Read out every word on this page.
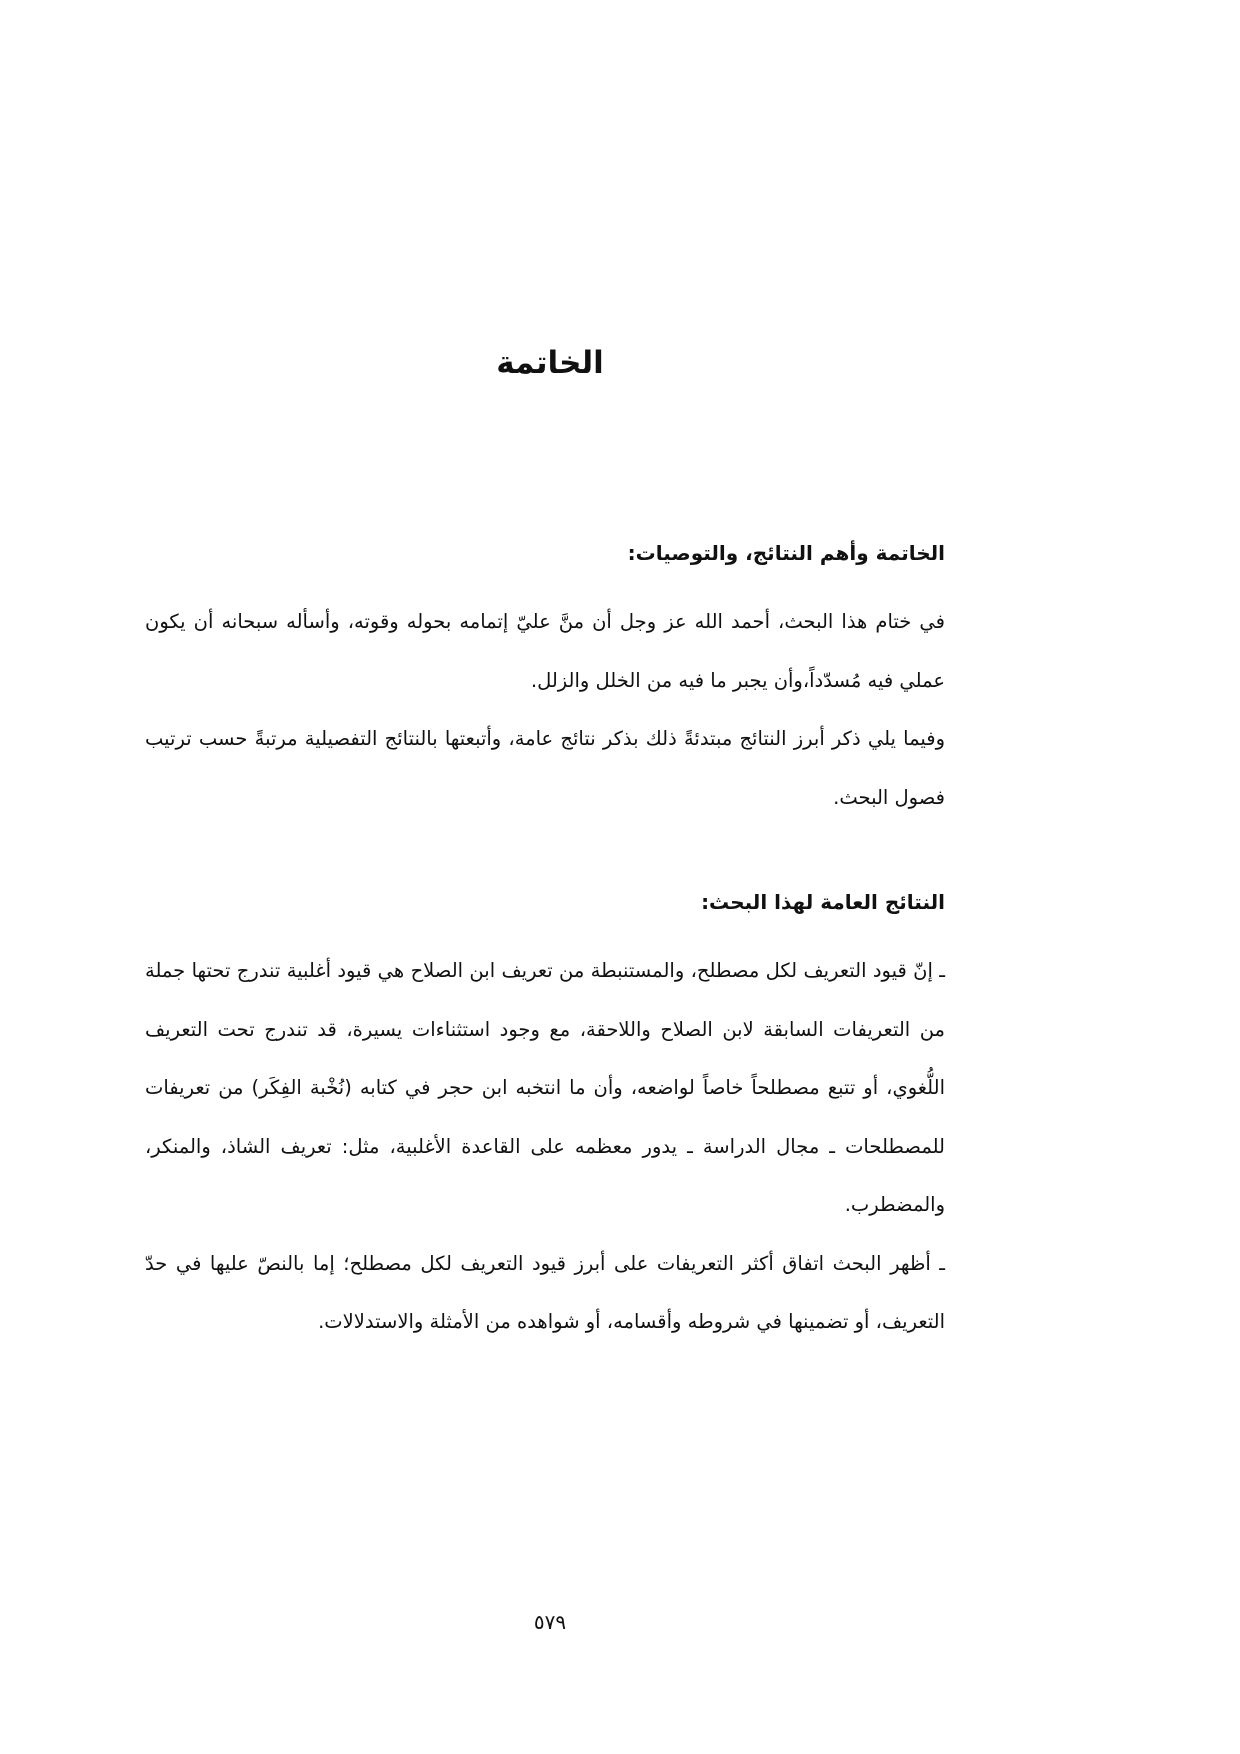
الخاتمة
الخاتمة وأهم النتائج، والتوصيات:

في ختام هذا البحث، أحمد الله عز وجل أن منَّ عليّ إتمامه بحوله وقوته، وأسأله سبحانه أن يكون عملي فيه مُسدّداً،وأن يجبر ما فيه من الخلل والزلل.

وفيما يلي ذكر أبرز النتائج مبتدئةً ذلك بذكر نتائج عامة، وأتبعتها بالنتائج التفصيلية مرتبةً حسب ترتيب فصول البحث.

النتائج العامة لهذا البحث:

ـ إنّ قيود التعريف لكل مصطلح، والمستنبطة من تعريف ابن الصلاح هي قيود أغلبية تندرج تحتها جملة من التعريفات السابقة لابن الصلاح واللاحقة، مع وجود استثناءات يسيرة، قد تندرج تحت التعريف اللُّغوي، أو تتبع مصطلحاً خاصاً لواضعه، وأن ما انتخبه ابن حجر في كتابه (نُخْبة الفِكَر) من تعريفات للمصطلحات ـ مجال الدراسة ـ يدور معظمه على القاعدة الأغلبية، مثل: تعريف الشاذ، والمنكر، والمضطرب.

ـ أظهر البحث اتفاق أكثر التعريفات على أبرز قيود التعريف لكل مصطلح؛ إما بالنصّ عليها في حدّ التعريف، أو تضمينها في شروطه وأقسامه، أو شواهده من الأمثلة والاستدلالات.

٥٧٩
